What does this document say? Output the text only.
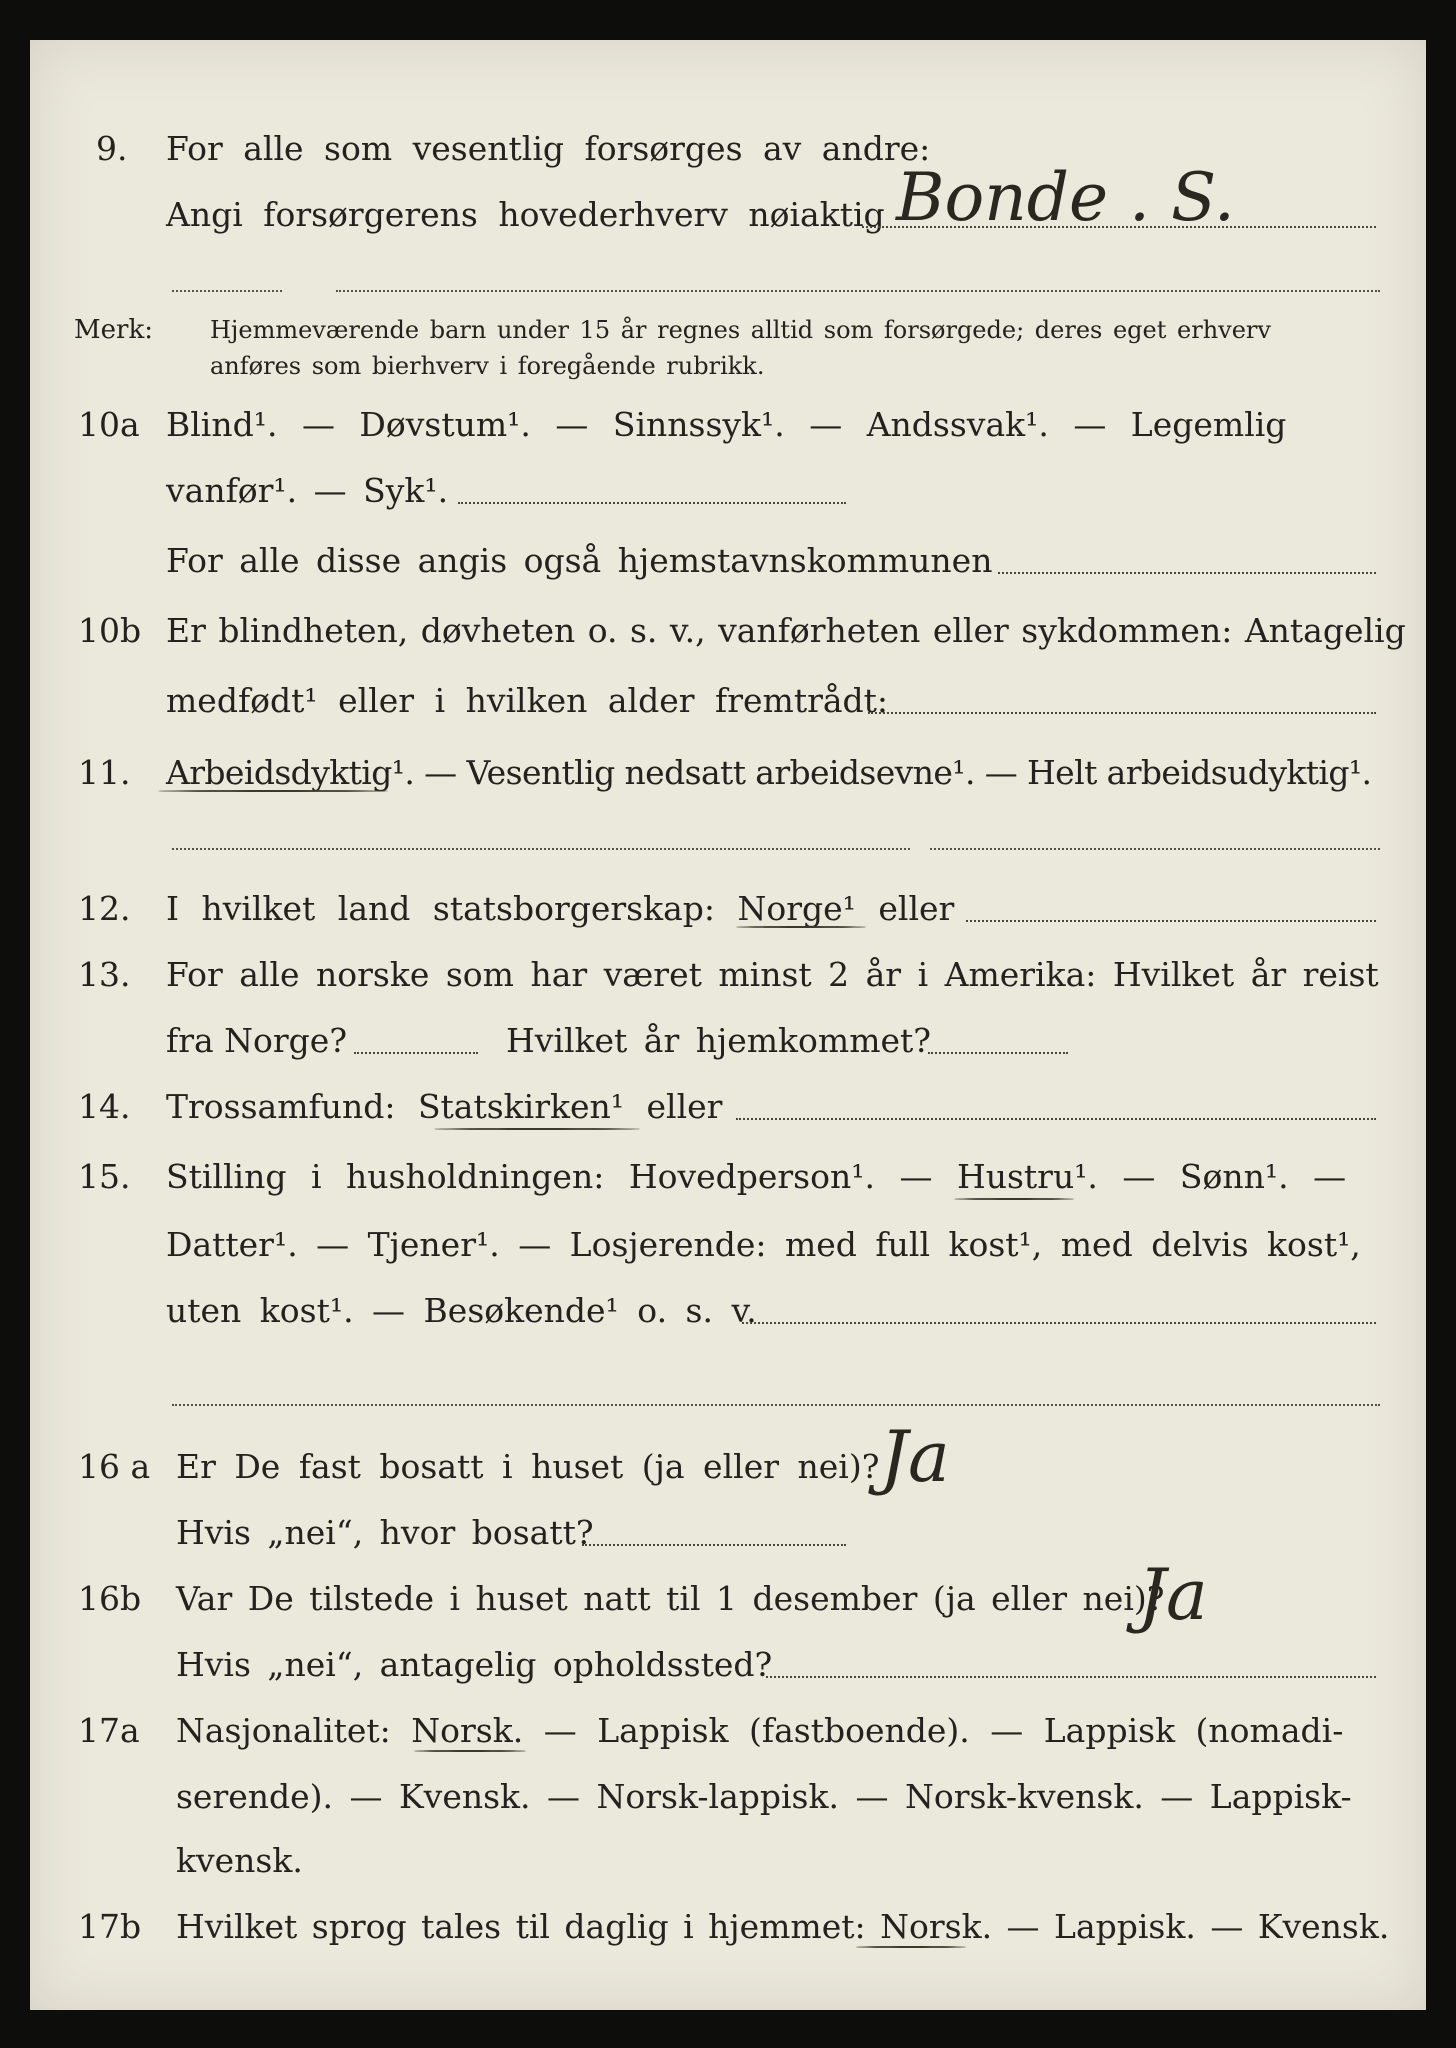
9. For alle som vesentlig forsørges av andre:
Angi forsørgerens hovederhverv nøiaktig Bonde . S.
Merk: Hjemmeværende barn under 15 år regnes alltid som forsørgede; deres eget erhverv
anføres som bierhverv i foregående rubrikk.
10a Blind¹. — Døvstum¹. — Sinnssyk¹. — Andssvak¹. — Legemlig
vanfør¹. — Syk¹.
For alle disse angis også hjemstavnskommunen
10b Er blindheten, døvheten o. s. v., vanførheten eller sykdommen: Antagelig
medfødt¹ eller i hvilken alder fremtrådt:
11. Arbeidsdyktig¹. — Vesentlig nedsatt arbeidsevne¹. — Helt arbeidsudyktig¹.
12. I hvilket land statsborgerskap: Norge¹ eller
13. For alle norske som har været minst 2 år i Amerika: Hvilket år reist
fra Norge?	Hvilket år hjemkommet?
14. Trossamfund: Statskirken¹ eller
15. Stilling i husholdningen: Hovedperson¹. — Hustru¹. — Sønn¹. —
Datter¹. — Tjener¹. — Losjerende: med full kost¹, med delvis kost¹,
uten kost¹. — Besøkende¹ o. s. v.
16 a Er De fast bosatt i huset (ja eller nei)? Ja
Hvis „nei“, hvor bosatt?
16b Var De tilstede i huset natt til 1 desember (ja eller nei)?
Ja
Hvis „nei“, antagelig opholdssted?
17a Nasjonalitet: Norsk. — Lappisk (fastboende). — Lappisk (nomadi-
serende). — Kvensk. — Norsk-lappisk. — Norsk-kvensk. — Lappisk-
kvensk.
17b Hvilket sprog tales til daglig i hjemmet: Norsk. — Lappisk. — Kvensk.
